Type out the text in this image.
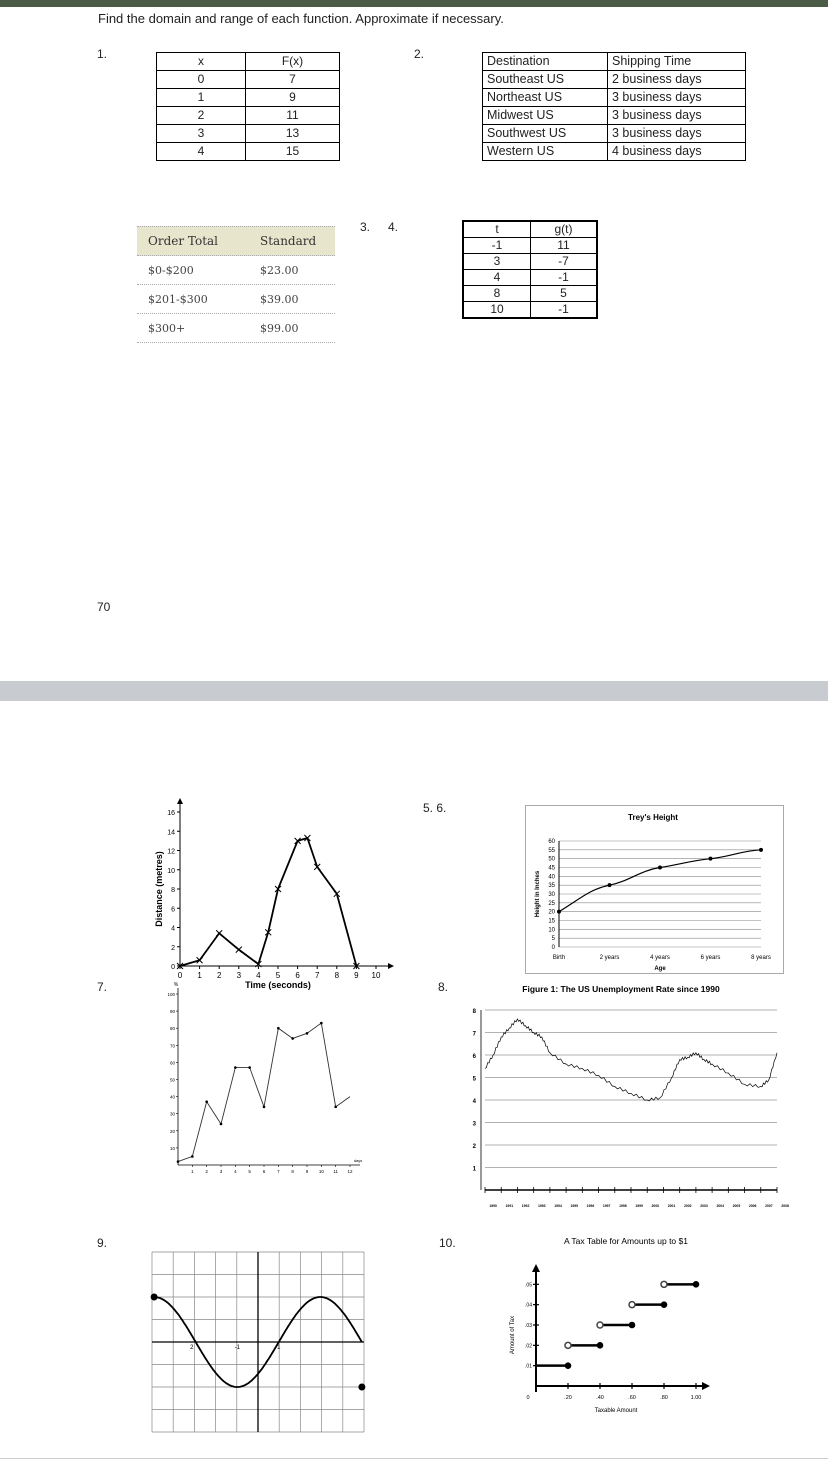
Find the domain and range of each function. Approximate if necessary.
1.	2.
3. 4.
x	F(x)
0	7
1	9
2	11
3	13
4	15
Destination	Shipping Time
Southeast US	2 business days
Northeast US	3 business days
Midwest US	3 business days
Southwest US	3 business days
Western US	4 business days
Order Total	Standard
$0-$200	$23.00
$201-$300	$39.00
$300+	$99.00
t	g(t)
-1	11
3	-7
4	-1
8	5
10	-1
70
5. 6.
7.	8.
9.	10.
0 1 2 3 4 5 6 7 8 9 10
0
2
4
6
8
10
12
14
16
Time (seconds)
Distance (metres)
Trey's Height
0
5
10
15
20
25
30
35
40
45
50
55
60
Birth	2 years	4 years	6 years	8 years
Age
Height in Inches
%
days
10
20
30
40
50
60
70
80
90
100
1	2	3	4	5	6	7	8	9 10 11 12
Figure 1: The US Unemployment Rate since 1990
1
2
3
4
5
6
7
8
1990	1991	1992	1993	1994	1995	1996	1997	1998	1999	2000	2001	2002	2003	2004	2005	2006	2007	2008
2	-1	1
A Tax Table for Amounts up to $1
.01
.02
.03
.04
.05
0	.20	.40	.60	.80	1.00
Taxable Amount
Amount of Tax
